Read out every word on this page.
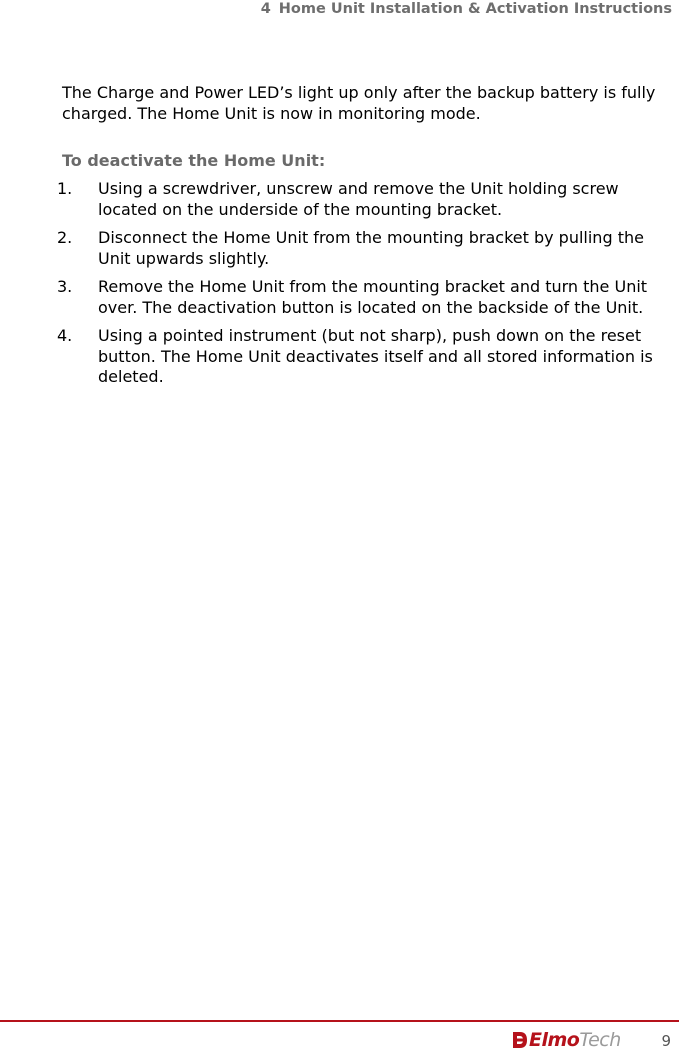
4 Home Unit Installation & Activation Instructions

The Charge and Power LED’s light up only after the backup battery is fully charged. The Home Unit is now in monitoring mode.

To deactivate the Home Unit:
1. Using a screwdriver, unscrew and remove the Unit holding screw located on the underside of the mounting bracket.
2. Disconnect the Home Unit from the mounting bracket by pulling the Unit upwards slightly.
3. Remove the Home Unit from the mounting bracket and turn the Unit over. The deactivation button is located on the backside of the Unit.
4. Using a pointed instrument (but not sharp), push down on the reset button. The Home Unit deactivates itself and all stored information is deleted.
Elmo Tech	9
